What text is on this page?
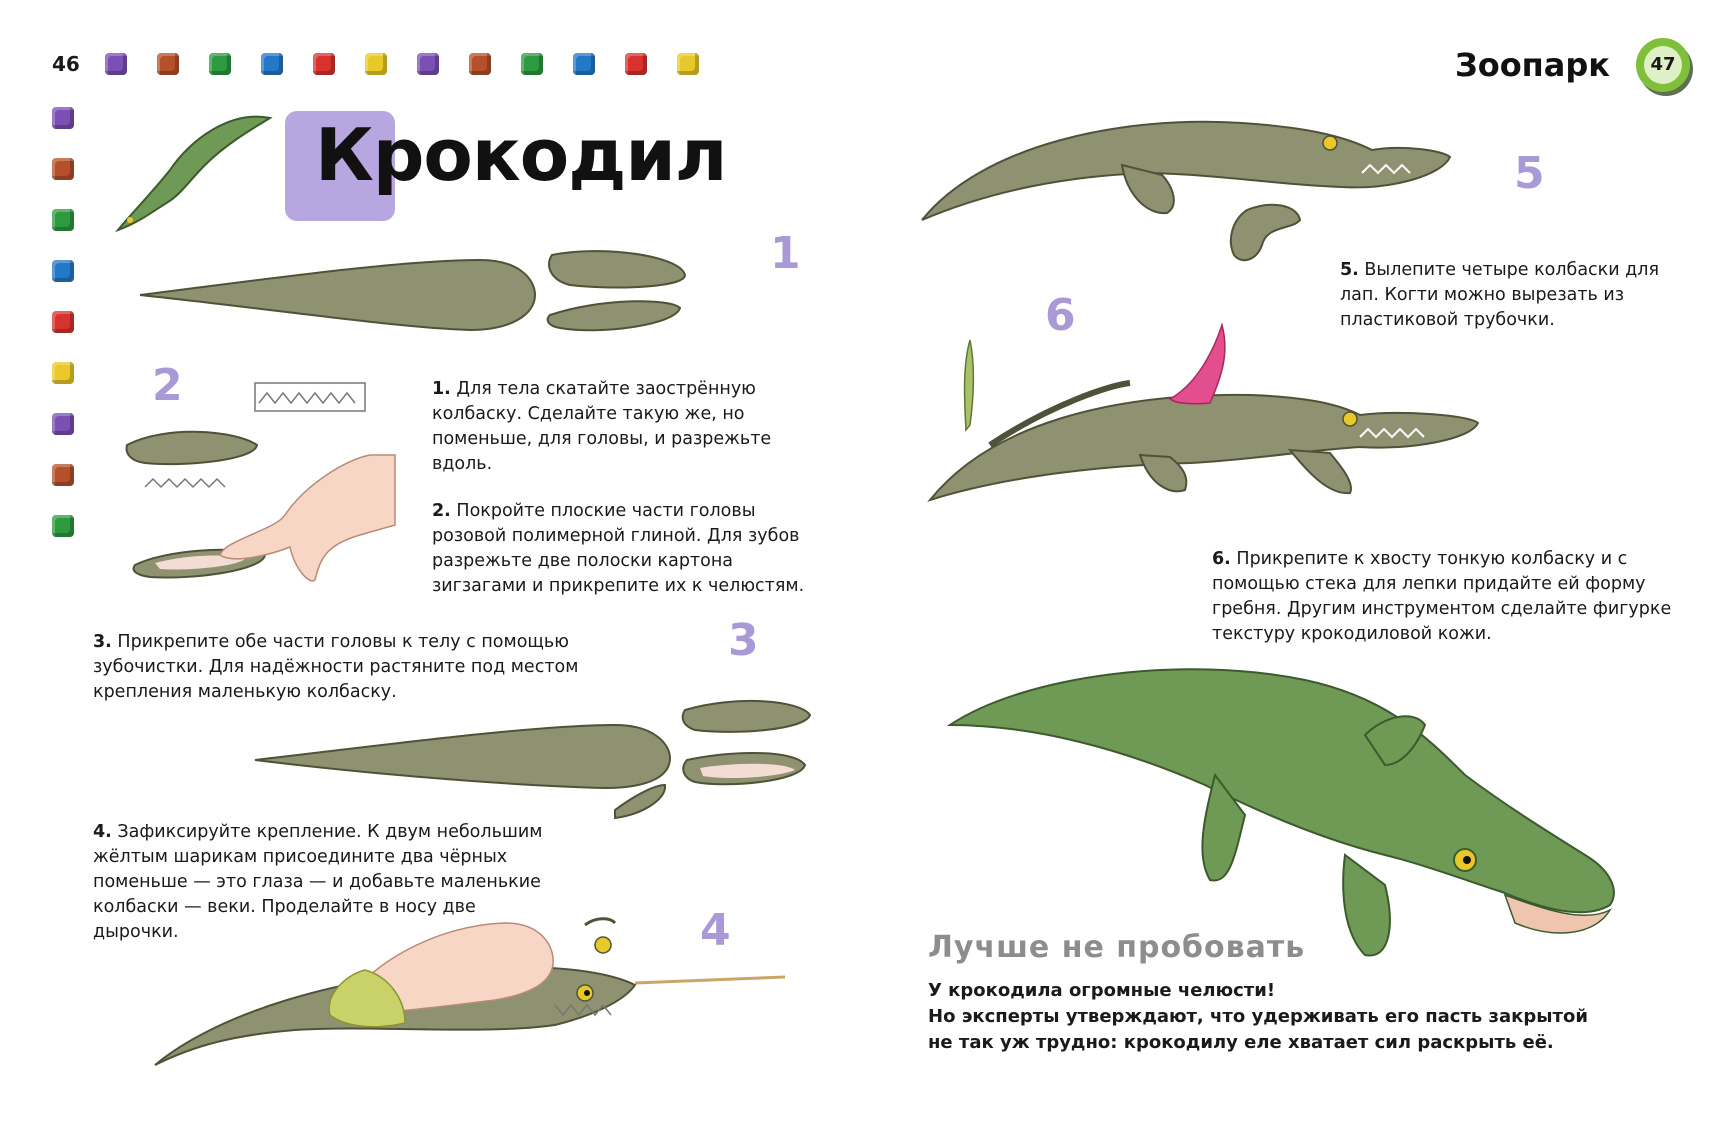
46
Крокодил
Зоопарк	47
1
2
3
4
5
6

1. Для тела скатайте заострённую колбаску. Сделайте такую же, но поменьше, для головы, и разрежьте вдоль.

2. Покройте плоские части головы розовой полимерной глиной. Для зубов разрежьте две полоски картона зигзагами и прикрепите их к челюстям.

3. Прикрепите обе части головы к телу с помощью зубочистки. Для надёжности растяните под местом крепления маленькую колбаску.

4. Зафиксируйте крепление. К двум небольшим жёлтым шарикам присоедините два чёрных поменьше — это глаза — и добавьте маленькие колбаски — веки. Проделайте в носу две дырочки.

5. Вылепите четыре колбаски для лап. Когти можно вырезать из пластиковой трубочки.

6. Прикрепите к хвосту тонкую колбаску и с помощью стека для лепки придайте ей форму гребня. Другим инструментом сделайте фигурке текстуру крокодиловой кожи.

Лучше не пробовать
У крокодила огромные челюсти!
Но эксперты утверждают, что удерживать его пасть закрытой
не так уж трудно: крокодилу еле хватает сил раскрыть её.
